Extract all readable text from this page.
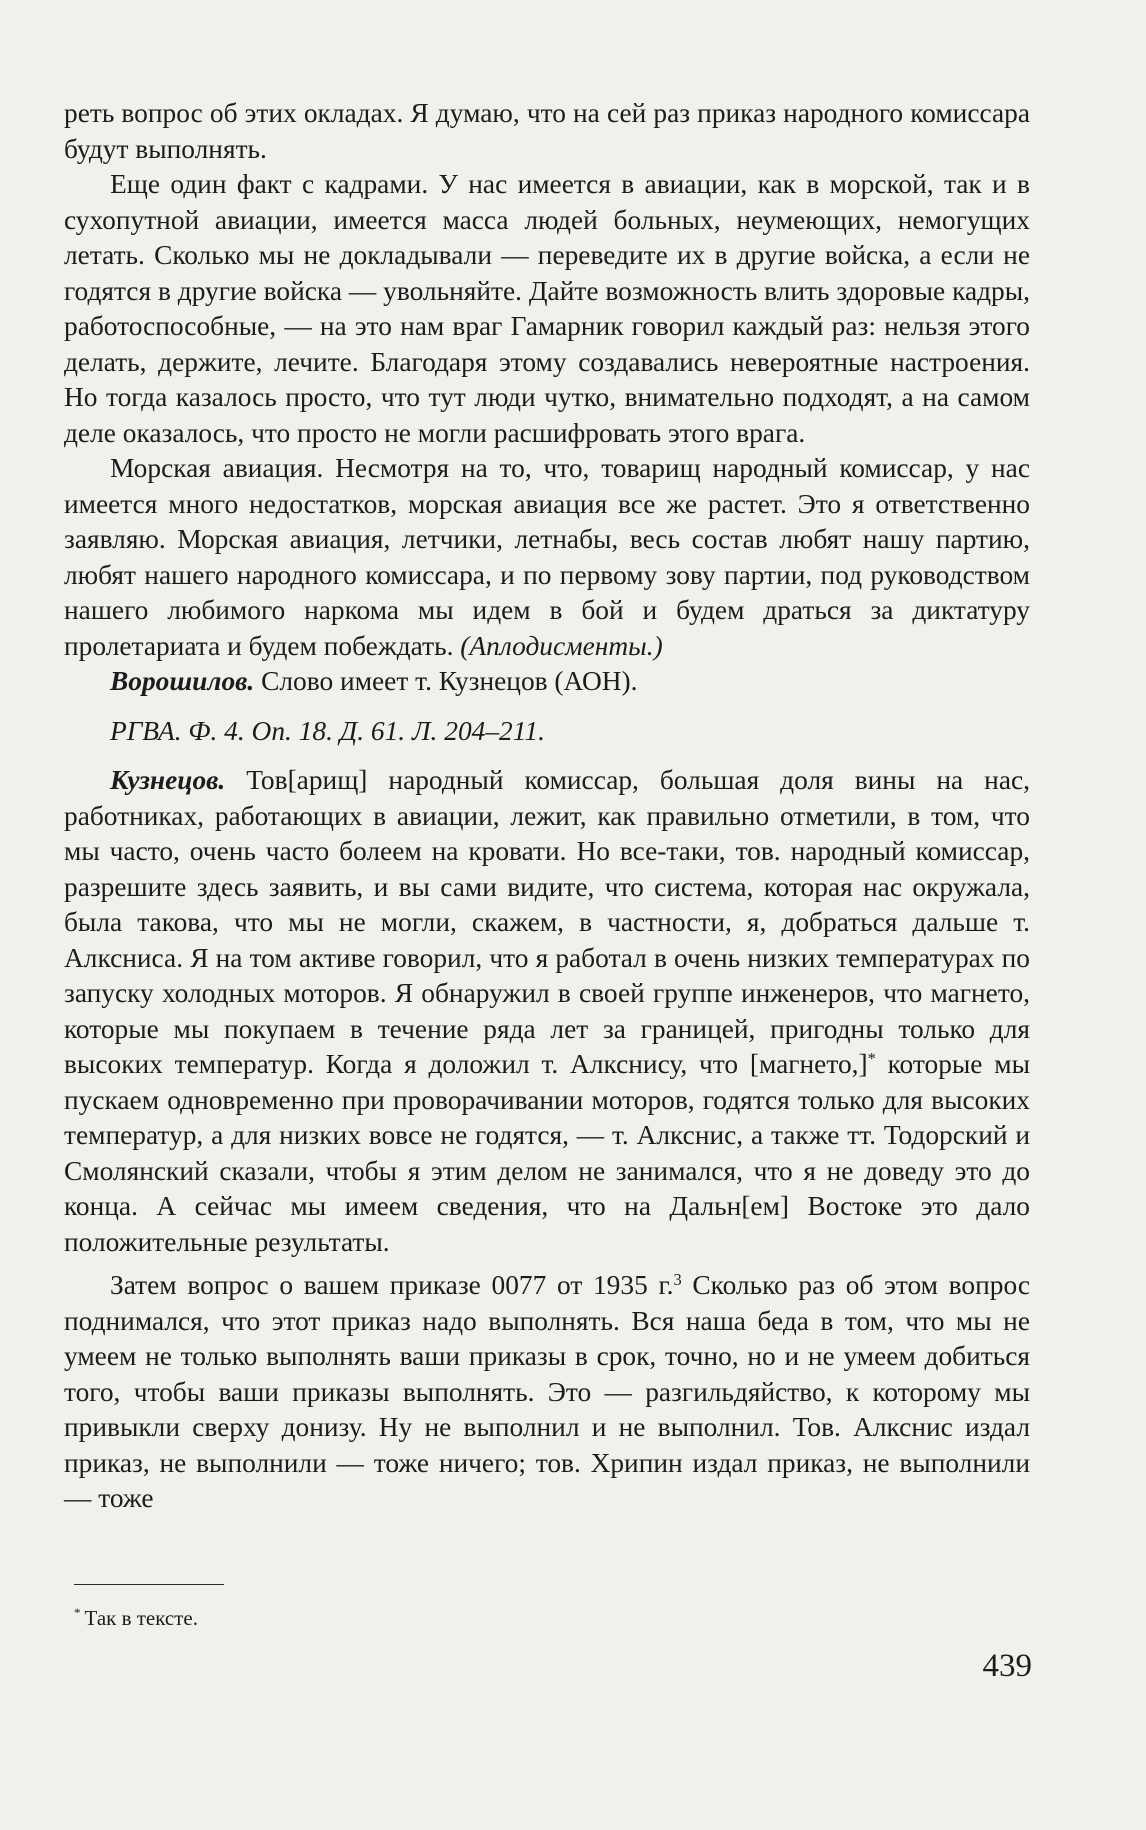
реть вопрос об этих окладах. Я думаю, что на сей раз приказ народного комиссара будут выполнять.

Еще один факт с кадрами. У нас имеется в авиации, как в морской, так и в сухопутной авиации, имеется масса людей больных, неумеющих, немогущих летать. Сколько мы не докладывали — переведите их в другие войска, а если не годятся в другие войска — увольняйте. Дайте возможность влить здоровые кадры, работоспособные, — на это нам враг Гамарник говорил каждый раз: нельзя этого делать, держите, лечите. Благодаря этому создавались невероятные настроения. Но тогда казалось просто, что тут люди чутко, внимательно подходят, а на самом деле оказалось, что просто не могли расшифровать этого врага.

Морская авиация. Несмотря на то, что, товарищ народный комиссар, у нас имеется много недостатков, морская авиация все же растет. Это я ответственно заявляю. Морская авиация, летчики, летнабы, весь состав любят нашу партию, любят нашего народного комиссара, и по первому зову партии, под руководством нашего любимого наркома мы идем в бой и будем драться за диктатуру пролетариата и будем побеждать. (Аплодисменты.)

Ворошилов. Слово имеет т. Кузнецов (АОН).

РГВА. Ф. 4. Оп. 18. Д. 61. Л. 204–211.

Кузнецов. Тов[арищ] народный комиссар, большая доля вины на нас, работниках, работающих в авиации, лежит, как правильно отметили, в том, что мы часто, очень часто болеем на кровати. Но все-таки, тов. народный комиссар, разрешите здесь заявить, и вы сами видите, что система, которая нас окружала, была такова, что мы не могли, скажем, в частности, я, добраться дальше т. Алксниса. Я на том активе говорил, что я работал в очень низких температурах по запуску холодных моторов. Я обнаружил в своей группе инженеров, что магнето, которые мы покупаем в течение ряда лет за границей, пригодны только для высоких температур. Когда я доложил т. Алкснису, что [магнето,]* которые мы пускаем одновременно при проворачивании моторов, годятся только для высоких температур, а для низких вовсе не годятся, — т. Алкснис, а также тт. Тодорский и Смолянский сказали, чтобы я этим делом не занимался, что я не доведу это до конца. А сейчас мы имеем сведения, что на Дальн[ем] Востоке это дало положительные результаты.

Затем вопрос о вашем приказе 0077 от 1935 г.$^3$ Сколько раз об этом вопрос поднимался, что этот приказ надо выполнять. Вся наша беда в том, что мы не умеем не только выполнять ваши приказы в срок, точно, но и не умеем добиться того, чтобы ваши приказы выполнять. Это — разгильдяйство, к которому мы привыкли сверху донизу. Ну не выполнил и не выполнил. Тов. Алкснис издал приказ, не выполнили — тоже ничего; тов. Хрипин издал приказ, не выполнили — тоже

* Так в тексте.

439
